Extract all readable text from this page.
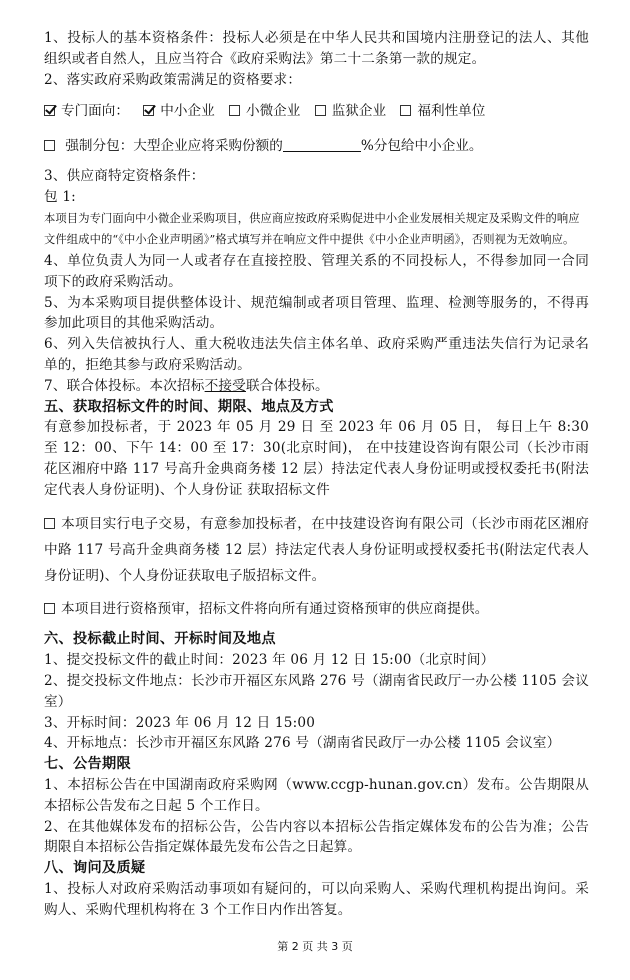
1、投标人的基本资格条件：投标人必须是在中华人民共和国境内注册登记的法人、其他组织或者自然人，且应当符合《政府采购法》第二十二条第一款的规定。

2、落实政府采购政策需满足的资格要求：

专门面向： 中小企业 小微企业 监狱企业 福利性单位
强制分包：大型企业应将采购份额的	%分包给中小企业。

3、供应商特定资格条件：

包 1:

本项目为专门面向中小微企业采购项目，供应商应按政府采购促进中小企业发展相关规定及采购文件的响应文件组成中的“《中小企业声明函》”格式填写并在响应文件中提供《中小企业声明函》，否则视为无效响应。

4、单位负责人为同一人或者存在直接控股、管理关系的不同投标人，不得参加同一合同项下的政府采购活动。

5、为本采购项目提供整体设计、规范编制或者项目管理、监理、检测等服务的，不得再参加此项目的其他采购活动。

6、列入失信被执行人、重大税收违法失信主体名单、政府采购严重违法失信行为记录名单的，拒绝其参与政府采购活动。

7、联合体投标。本次招标不接受联合体投标。

五、获取招标文件的时间、期限、地点及方式

有意参加投标者，于 2023 年 05 月 29 日 至 2023 年 06 月 05 日， 每日上午 8:30 至 12：00、下午 14：00 至 17：30(北京时间)， 在中技建设咨询有限公司（长沙市雨花区湘府中路 117 号高升金典商务楼 12 层）持法定代表人身份证明或授权委托书(附法定代表人身份证明)、个人身份证 获取招标文件

本项目实行电子交易，有意参加投标者，在中技建设咨询有限公司（长沙市雨花区湘府中路 117 号高升金典商务楼 12 层）持法定代表人身份证明或授权委托书(附法定代表人身份证明)、个人身份证获取电子版招标文件。

本项目进行资格预审，招标文件将向所有通过资格预审的供应商提供。

六、投标截止时间、开标时间及地点

1、提交投标文件的截止时间：2023 年 06 月 12 日 15:00（北京时间）

2、提交投标文件地点：长沙市开福区东风路 276 号（湖南省民政厅一办公楼 1105 会议室）

3、开标时间：2023 年 06 月 12 日 15:00

4、开标地点：长沙市开福区东风路 276 号（湖南省民政厅一办公楼 1105 会议室）

七、公告期限

1、本招标公告在中国湖南政府采购网（www.ccgp-hunan.gov.cn）发布。公告期限从本招标公告发布之日起 5 个工作日。

2、在其他媒体发布的招标公告，公告内容以本招标公告指定媒体发布的公告为准；公告期限自本招标公告指定媒体最先发布公告之日起算。

八、询问及质疑

1、投标人对政府采购活动事项如有疑问的，可以向采购人、采购代理机构提出询问。采购人、采购代理机构将在 3 个工作日内作出答复。

第 2 页 共 3 页
